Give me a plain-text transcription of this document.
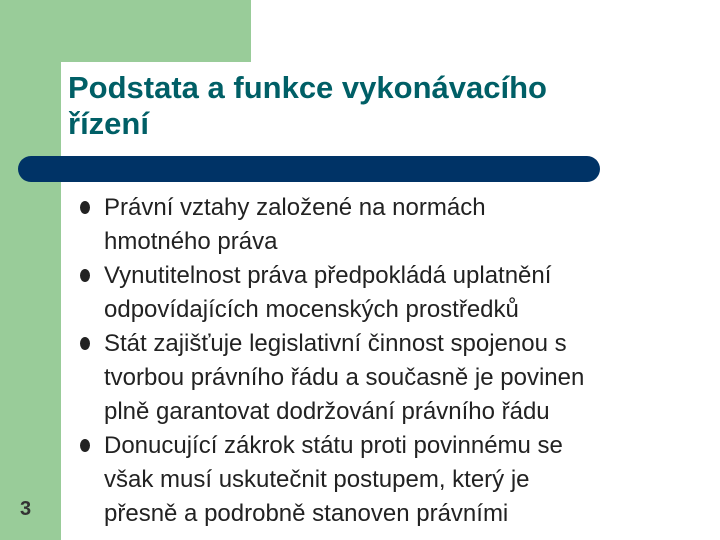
Podstata a funkce vykonávacího
řízení
Právní vztahy založené na normách
hmotného práva
Vynutitelnost práva předpokládá uplatnění
odpovídajících mocenských prostředků
Stát zajišťuje legislativní činnost spojenou s
tvorbou právního řádu a současně je povinen
plně garantovat dodržování právního řádu
Donucující zákrok státu proti povinnému se
však musí uskutečnit postupem, který je
přesně a podrobně stanoven právními
3
